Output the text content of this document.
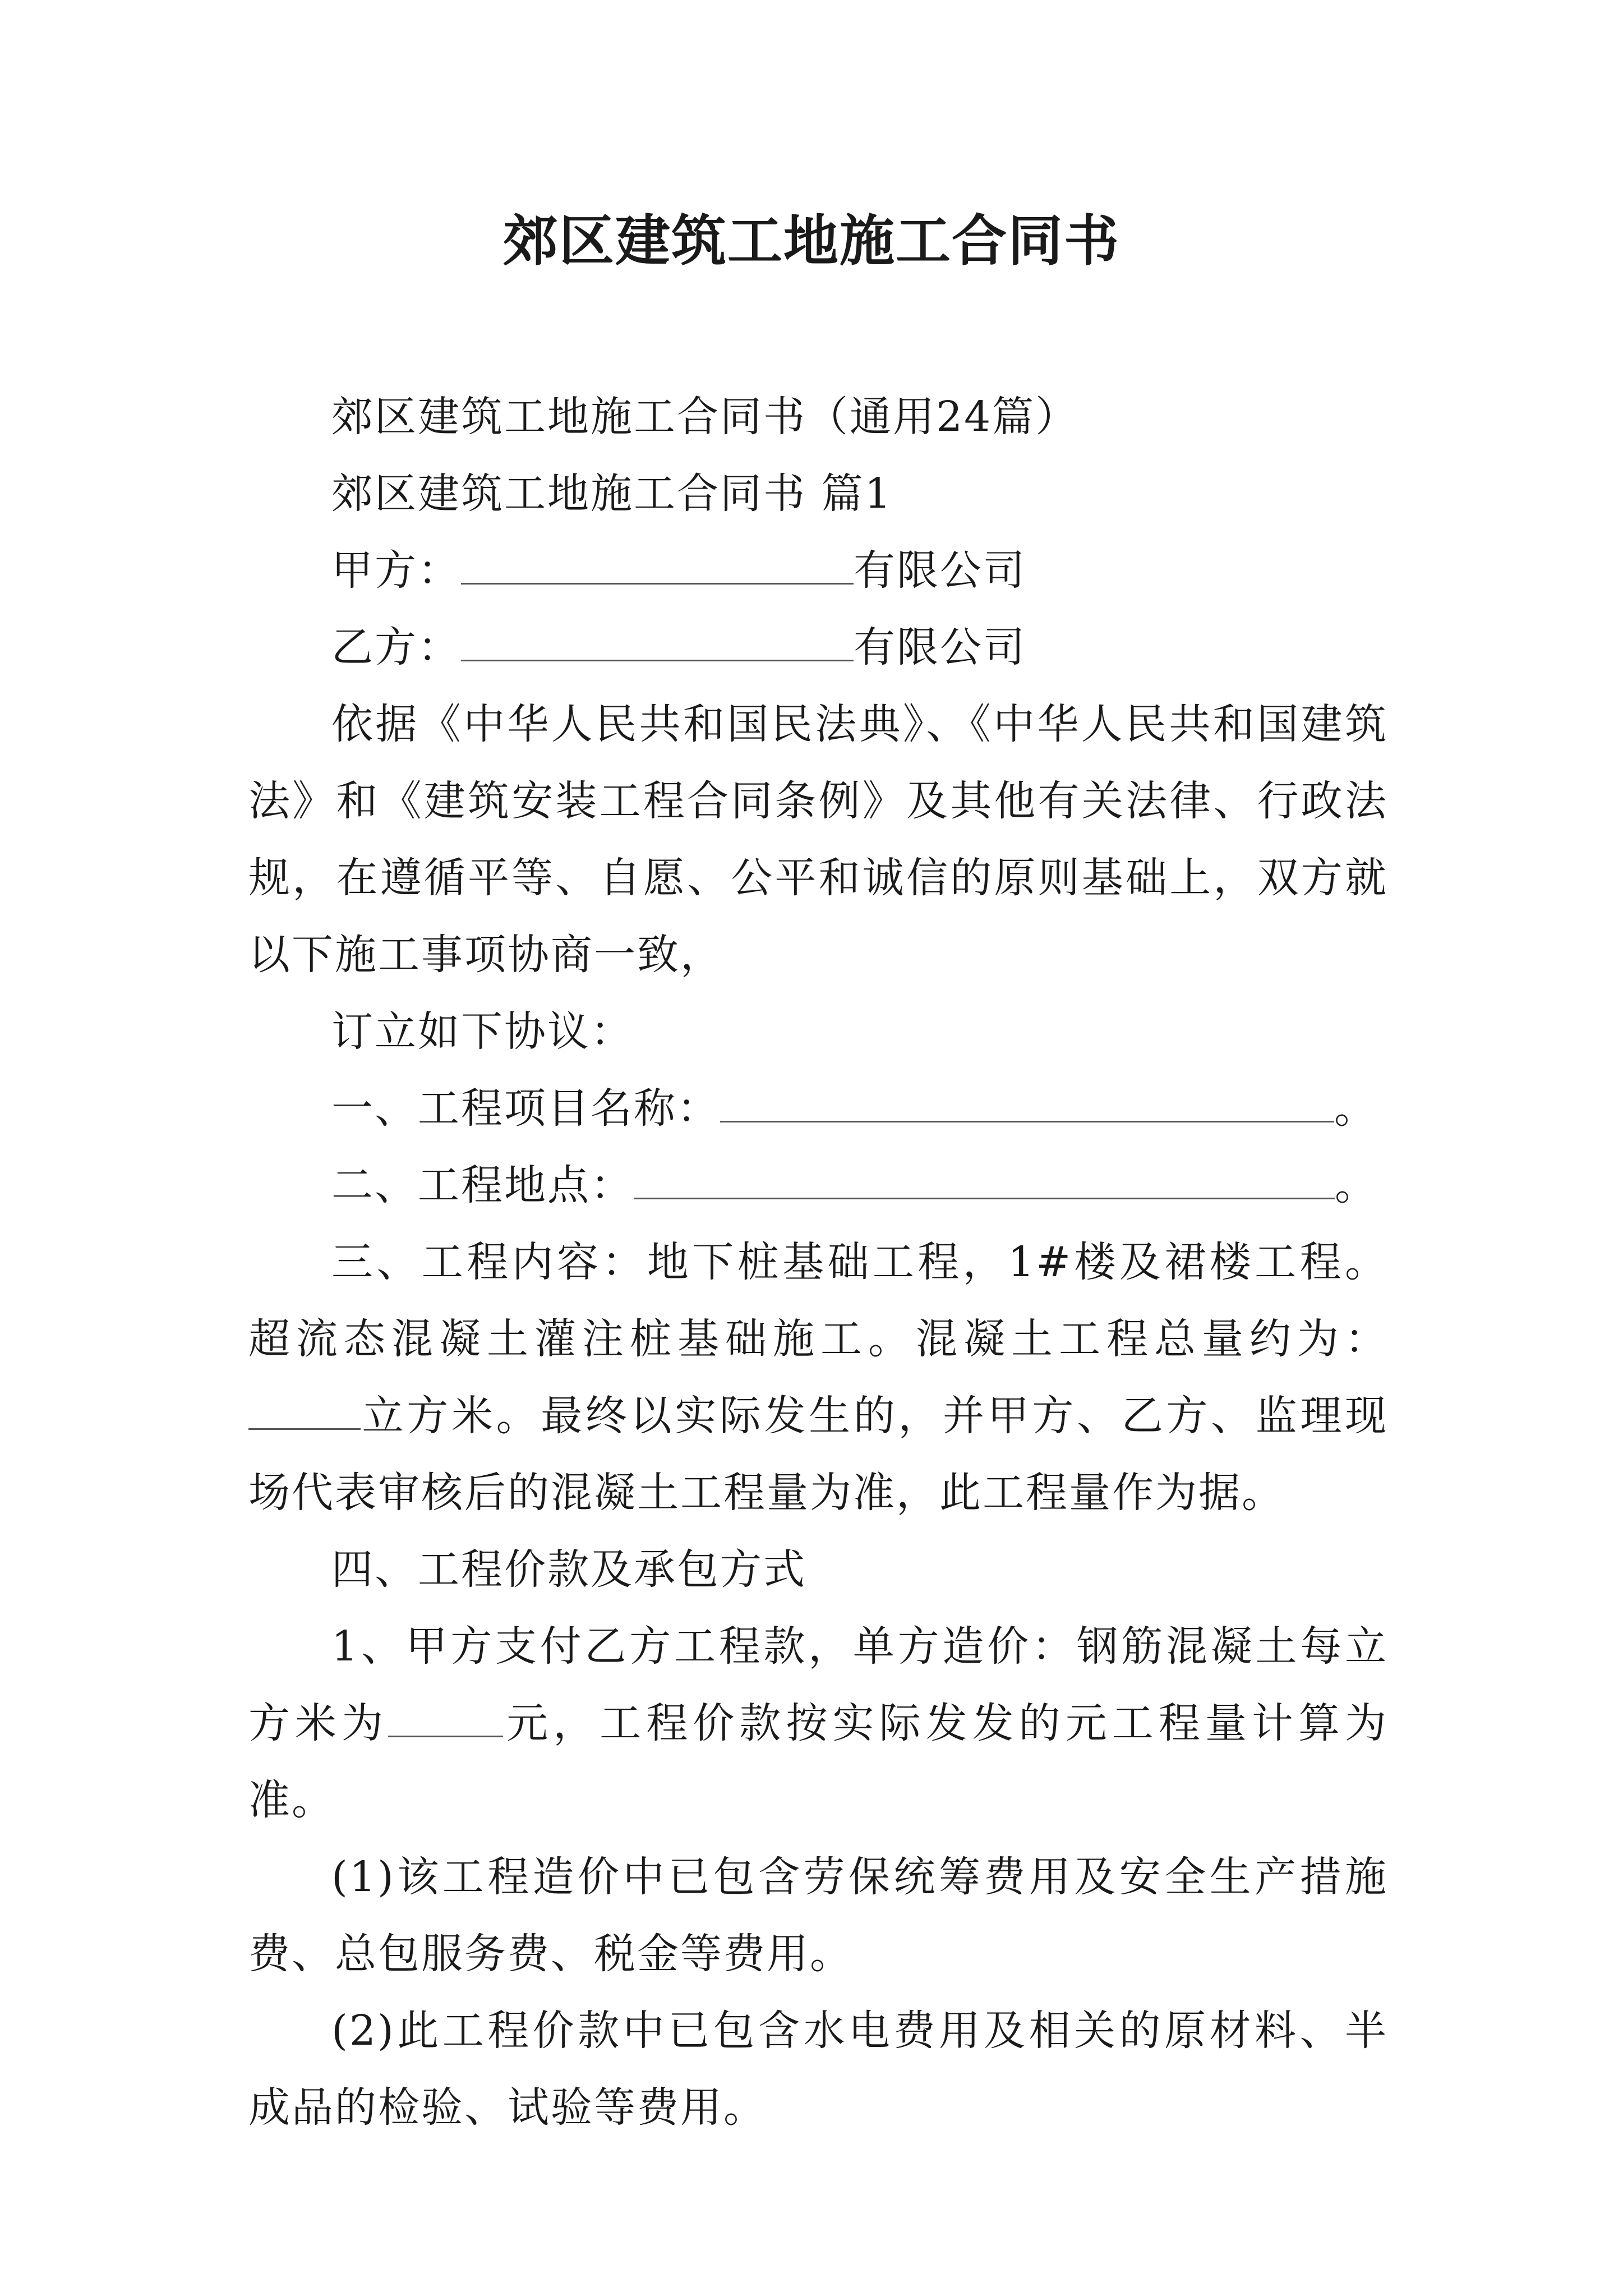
郊区建筑工地施工合同书

郊区建筑工地施工合同书（通用24篇）

郊区建筑工地施工合同书 篇1

甲方：	有限公司

乙方：	有限公司

依据《中华人民共和国民法典》、《中华人民共和国建筑法》和《建筑安装工程合同条例》及其他有关法律、行政法规，在遵循平等、自愿、公平和诚信的原则基础上，双方就以下施工事项协商一致，

订立如下协议：

一、工程项目名称：	。

二、工程地点：	。

三、工程内容：地下桩基础工程，1#楼及裙楼工程。超流态混凝土灌注桩基础施工。混凝土工程总量约为：立方米。最终以实际发生的，并甲方、乙方、监理现场代表审核后的混凝土工程量为准，此工程量作为据。

四、工程价款及承包方式

1、甲方支付乙方工程款，单方造价：钢筋混凝土每立方米为	元，工程价款按实际发发的元工程量计算为准。

(1)该工程造价中已包含劳保统筹费用及安全生产措施费、总包服务费、税金等费用。

(2)此工程价款中已包含水电费用及相关的原材料、半成品的检验、试验等费用。
